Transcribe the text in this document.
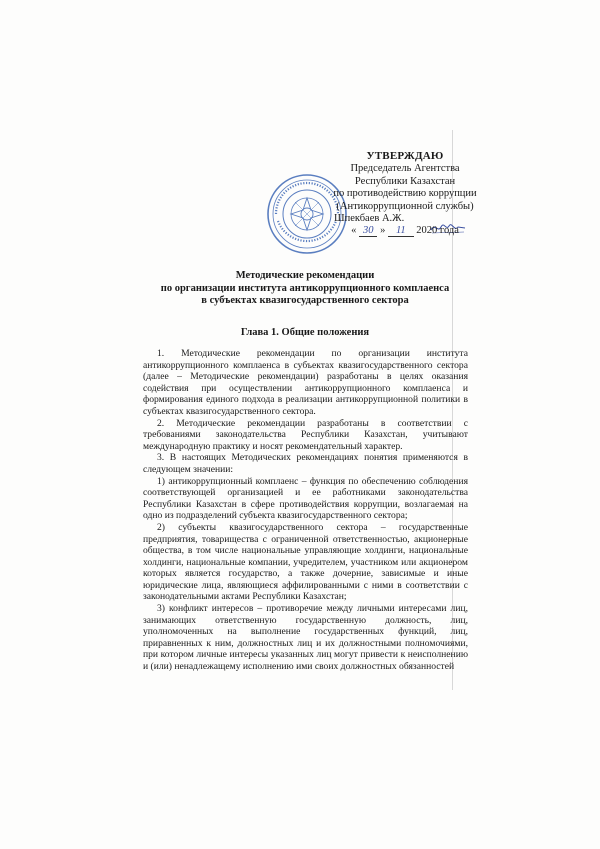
УТВЕРЖДАЮ
Председатель Агентства
Республики Казахстан
по противодействию коррупции
(Антикоррупционной службы)
Шпекбаев А.Ж.
« 30 » 11 2020 года
Методические рекомендации
по организации института антикоррупционного комплаенса
в субъектах квазигосударственного сектора
Глава 1. Общие положения

1. Методические рекомендации по организации института антикоррупционного комплаенса в субъектах квазигосударственного сектора (далее – Методические рекомендации) разработаны в целях оказания содействия при осуществлении антикоррупционного комплаенса и формирования единого подхода в реализации антикоррупционной политики в субъектах квазигосударственного сектора.

2. Методические рекомендации разработаны в соответствии с требованиями законодательства Республики Казахстан, учитывают международную практику и носят рекомендательный характер.

3. В настоящих Методических рекомендациях понятия применяются в следующем значении:

1) антикоррупционный комплаенс – функция по обеспечению соблюдения соответствующей организацией и ее работниками законодательства Республики Казахстан в сфере противодействия коррупции, возлагаемая на одно из подразделений субъекта квазигосударственного сектора;

2) субъекты квазигосударственного сектора – государственные предприятия, товарищества с ограниченной ответственностью, акционерные общества, в том числе национальные управляющие холдинги, национальные холдинги, национальные компании, учредителем, участником или акционером которых является государство, а также дочерние, зависимые и иные юридические лица, являющиеся аффилированными с ними в соответствии с законодательными актами Республики Казахстан;

3) конфликт интересов – противоречие между личными интересами лиц, занимающих ответственную государственную должность, лиц, уполномоченных на выполнение государственных функций, лиц, приравненных к ним, должностных лиц и их должностными полномочиями, при котором личные интересы указанных лиц могут привести к неисполнению и (или) ненадлежащему исполнению ими своих должностных обязанностей
